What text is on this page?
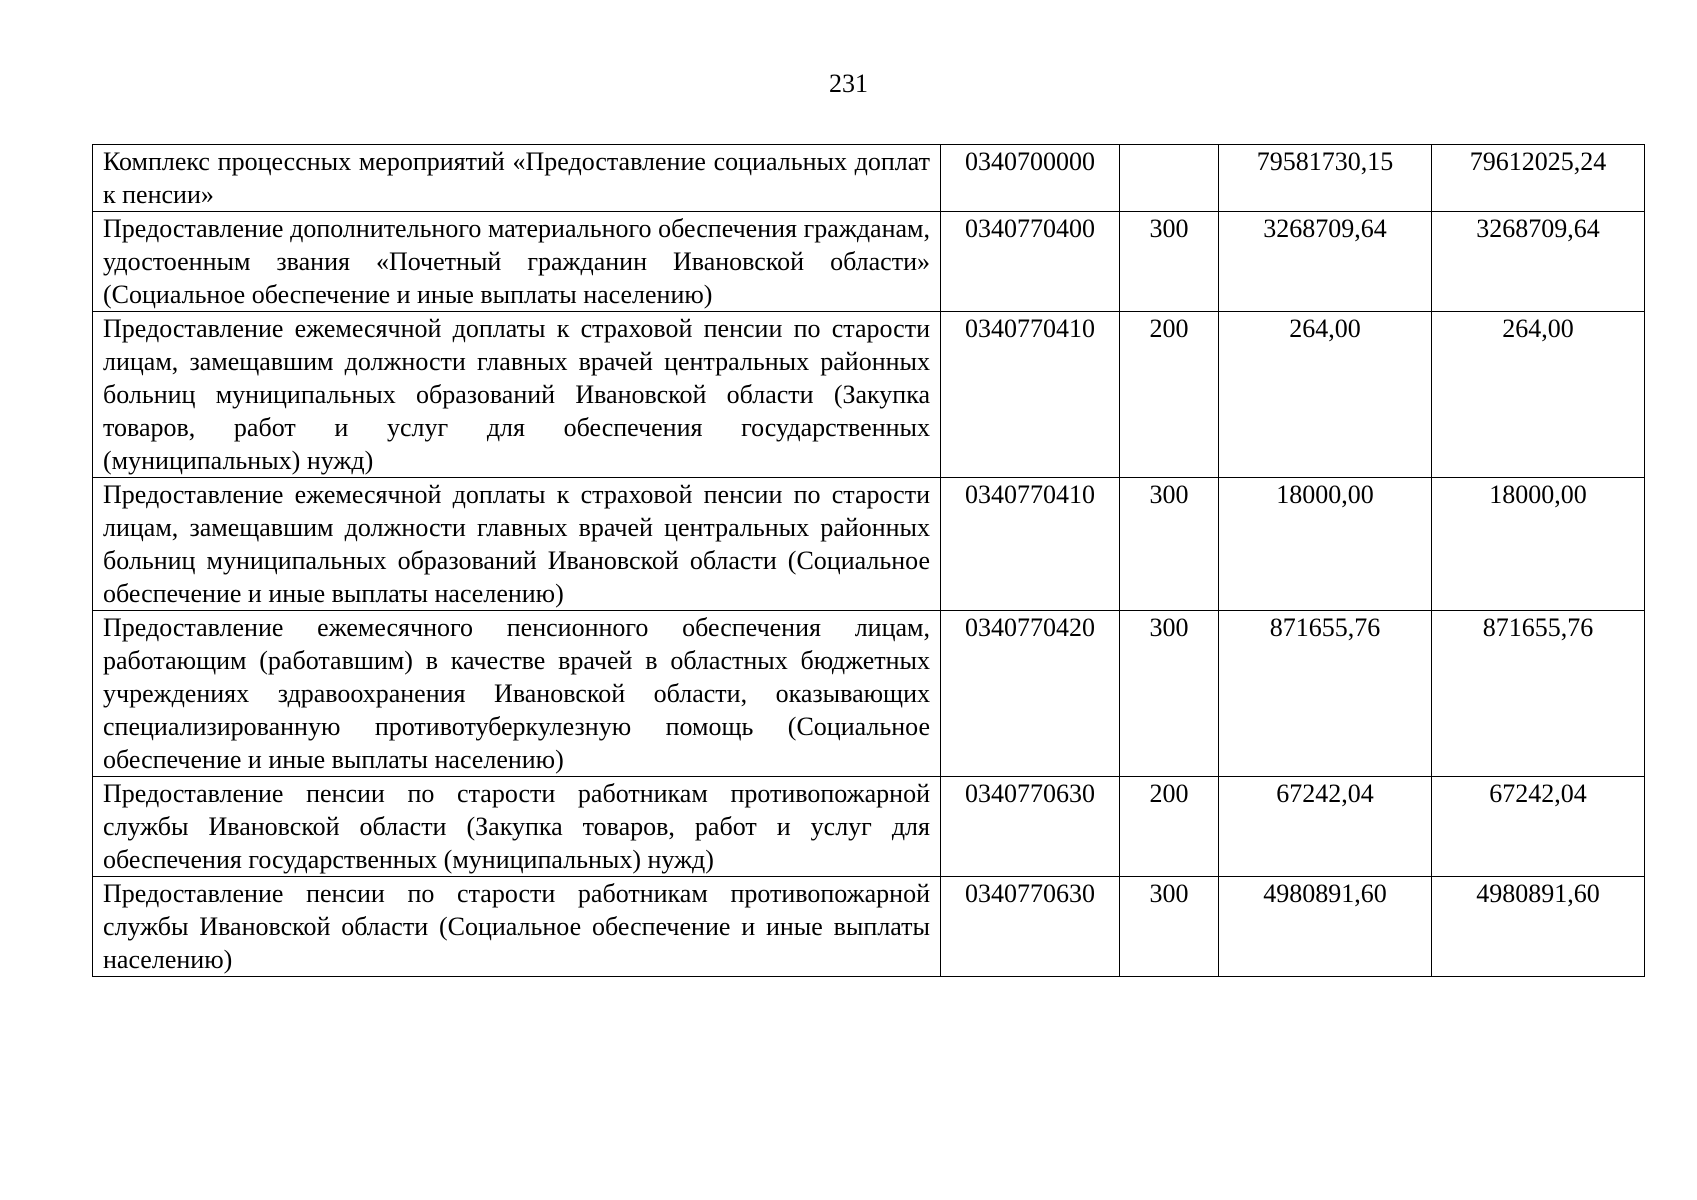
231
Комплекс процессных мероприятий «Предоставление социальных доплат к пенсии»	0340700000		79581730,15	79612025,24
Предоставление дополнительного материального обеспечения гражданам, удостоенным звания «Почетный гражданин Ивановской области» (Социальное обеспечение и иные выплаты населению)	0340770400	300	3268709,64	3268709,64
Предоставление ежемесячной доплаты к страховой пенсии по старости лицам, замещавшим должности главных врачей центральных районных больниц муниципальных образований Ивановской области (Закупка товаров, работ и услуг для обеспечения государственных (муниципальных) нужд)	0340770410	200	264,00	264,00
Предоставление ежемесячной доплаты к страховой пенсии по старости лицам, замещавшим должности главных врачей центральных районных больниц муниципальных образований Ивановской области (Социальное обеспечение и иные выплаты населению)	0340770410	300	18000,00	18000,00
Предоставление ежемесячного пенсионного обеспечения лицам, работающим (работавшим) в качестве врачей в областных бюджетных учреждениях здравоохранения Ивановской области, оказывающих специализированную противотуберкулезную помощь (Социальное обеспечение и иные выплаты населению)	0340770420	300	871655,76	871655,76
Предоставление пенсии по старости работникам противопожарной службы Ивановской области (Закупка товаров, работ и услуг для обеспечения государственных (муниципальных) нужд)	0340770630	200	67242,04	67242,04
Предоставление пенсии по старости работникам противопожарной службы Ивановской области (Социальное обеспечение и иные выплаты населению)	0340770630	300	4980891,60	4980891,60
